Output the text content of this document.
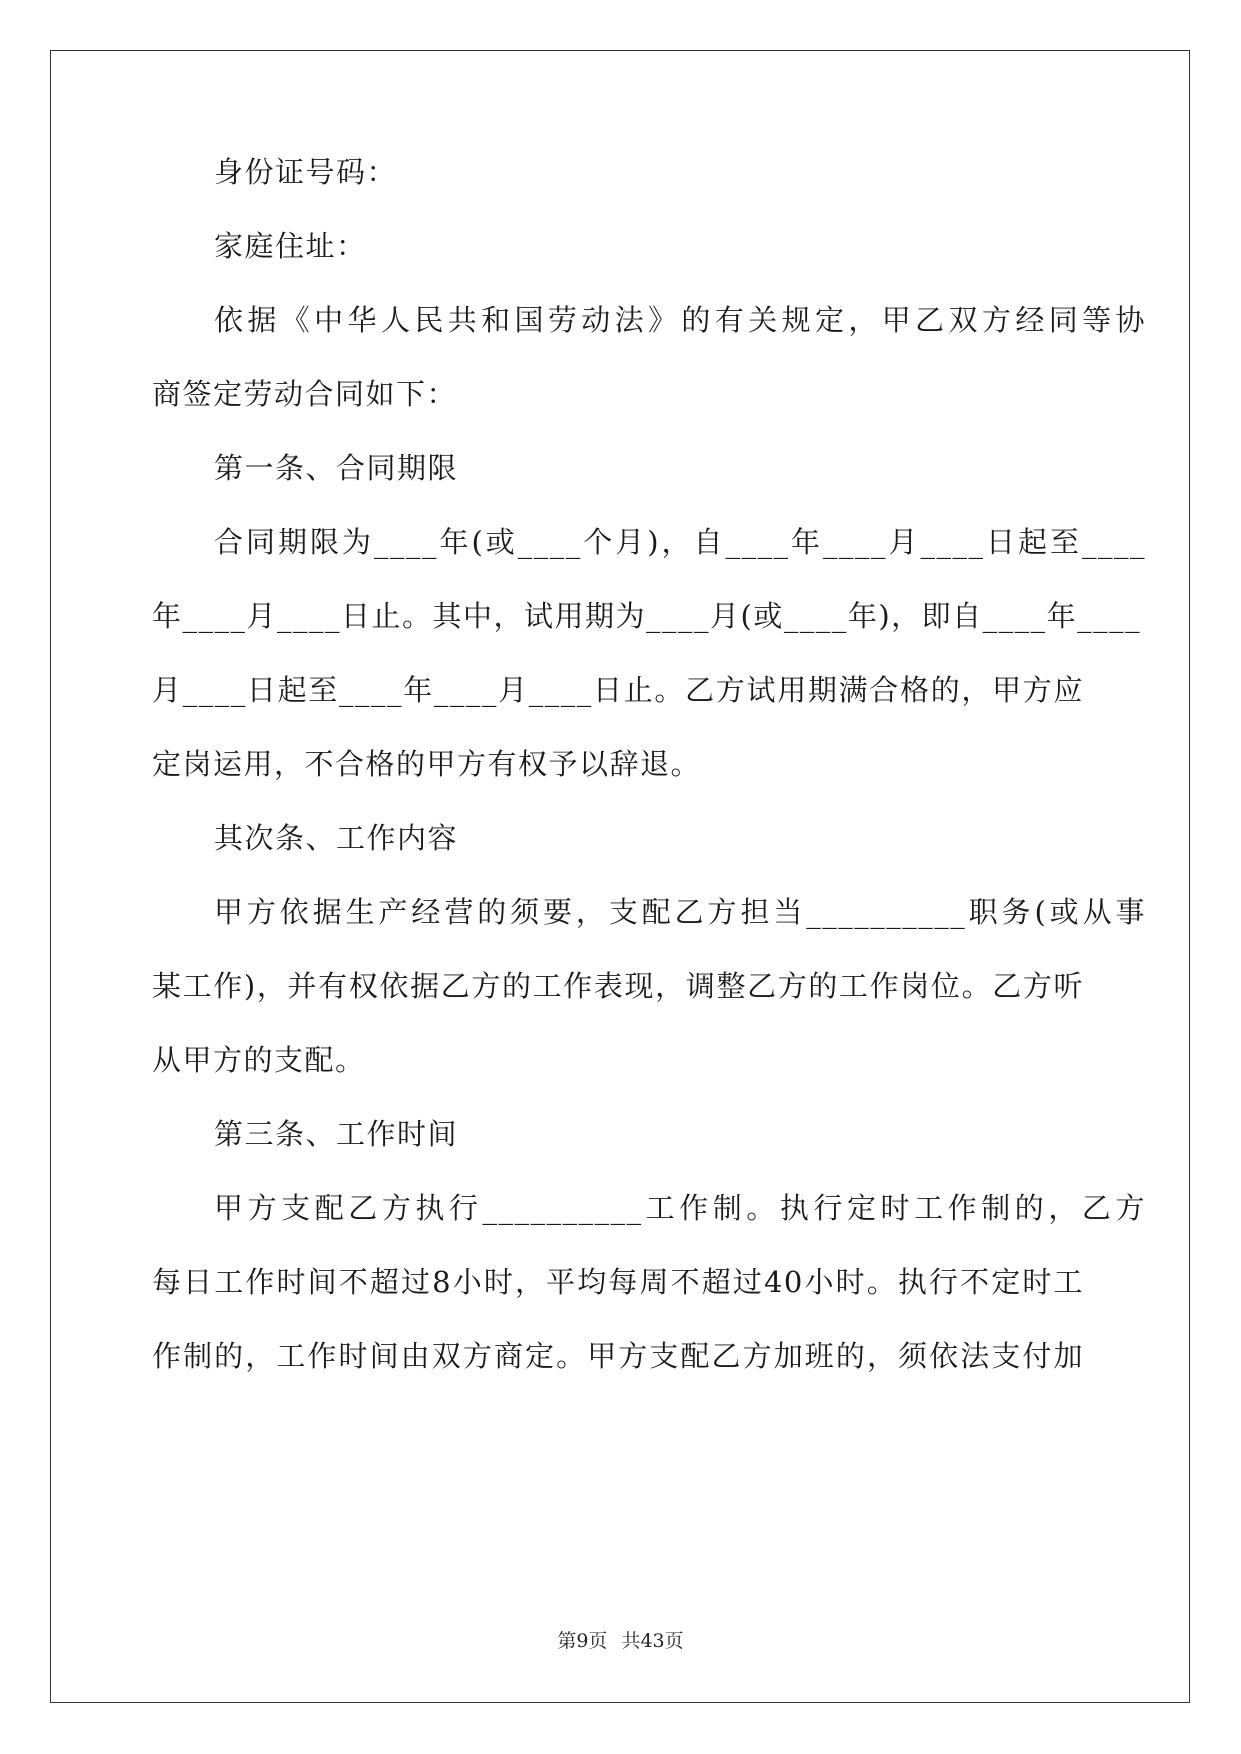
身份证号码：
家庭住址：
依据《中华人民共和国劳动法》的有关规定，甲乙双方经同等协
商签定劳动合同如下：
第一条、合同期限
合同期限为____年(或____个月)，自____年____月____日起至____
年____月____日止。其中，试用期为____月(或____年)，即自____年____
月____日起至____年____月____日止。乙方试用期满合格的，甲方应
定岗运用，不合格的甲方有权予以辞退。
其次条、工作内容
甲方依据生产经营的须要，支配乙方担当__________职务(或从事
某工作)，并有权依据乙方的工作表现，调整乙方的工作岗位。乙方听
从甲方的支配。
第三条、工作时间
甲方支配乙方执行__________工作制。执行定时工作制的，乙方
每日工作时间不超过8小时，平均每周不超过40小时。执行不定时工
作制的，工作时间由双方商定。甲方支配乙方加班的，须依法支付加
第9页 共43页
